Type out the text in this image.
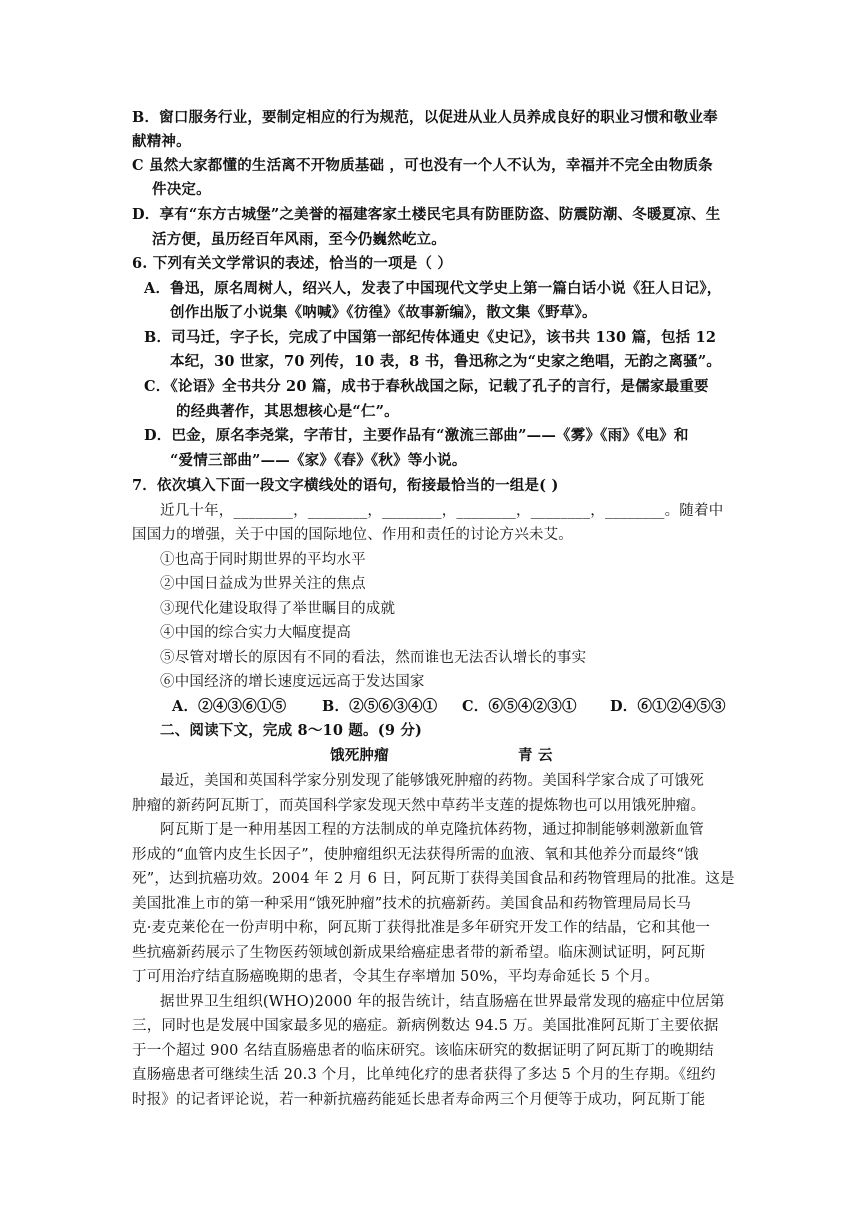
B．窗口服务行业，要制定相应的行为规范，以促进从业人员养成良好的职业习惯和敬业奉
献精神。
C 虽然大家都懂的生活离不开物质基础 ，可也没有一个人不认为，幸福并不完全由物质条
件决定。
D．享有“东方古城堡”之美誉的福建客家土楼民宅具有防匪防盗、防震防潮、冬暖夏凉、生
活方便，虽历经百年风雨，至今仍巍然屹立。
6. 下列有关文学常识的表述，恰当的一项是（ ）
A．鲁迅，原名周树人，绍兴人，发表了中国现代文学史上第一篇白话小说《狂人日记》，
创作出版了小说集《呐喊》《彷徨》《故事新编》，散文集《野草》。
B．司马迁，字子长，完成了中国第一部纪传体通史《史记》，该书共 130 篇，包括 12
本纪，30 世家，70 列传，10 表，8 书，鲁迅称之为“史家之绝唱，无韵之离骚”。
C．《论语》全书共分 20 篇，成书于春秋战国之际，记载了孔子的言行，是儒家最重要
的经典著作，其思想核心是“仁”。
D．巴金，原名李尧棠，字芾甘，主要作品有“激流三部曲”——《雾》《雨》《电》和
“爱情三部曲”——《家》《春》《秋》等小说。
7．依次填入下面一段文字横线处的语句，衔接最恰当的一组是( )
近几十年，________，________，________，________，________，________。随着中
国国力的增强，关于中国的国际地位、作用和责任的讨论方兴未艾。
①也高于同时期世界的平均水平
②中国日益成为世界关注的焦点
③现代化建设取得了举世瞩目的成就
④中国的综合实力大幅度提高
⑤尽管对增长的原因有不同的看法，然而谁也无法否认增长的事实
⑥中国经济的增长速度远远高于发达国家
A．②④③⑥①⑤ B．②⑤⑥③④① C．⑥⑤④②③① D．⑥①②④⑤③
二、阅读下文，完成 8～10 题。(9 分)
饿死肿瘤	青 云
最近，美国和英国科学家分别发现了能够饿死肿瘤的药物。美国科学家合成了可饿死
肿瘤的新药阿瓦斯丁，而英国科学家发现天然中草药半支莲的提炼物也可以用饿死肿瘤。
阿瓦斯丁是一种用基因工程的方法制成的单克隆抗体药物，通过抑制能够刺激新血管
形成的“血管内皮生长因子”，使肿瘤组织无法获得所需的血液、氧和其他养分而最终“饿
死”，达到抗癌功效。2004 年 2 月 6 日，阿瓦斯丁获得美国食品和药物管理局的批准。这是
美国批准上市的第一种采用“饿死肿瘤”技术的抗癌新药。美国食品和药物管理局局长马
克·麦克莱伦在一份声明中称，阿瓦斯丁获得批准是多年研究开发工作的结晶，它和其他一
些抗癌新药展示了生物医药领域创新成果给癌症患者带的新希望。临床测试证明，阿瓦斯
丁可用治疗结直肠癌晚期的患者，令其生存率增加 50%，平均寿命延长 5 个月。
据世界卫生组织(WHO)2000 年的报告统计，结直肠癌在世界最常发现的癌症中位居第
三，同时也是发展中国家最多见的癌症。新病例数达 94.5 万。美国批准阿瓦斯丁主要依据
于一个超过 900 名结直肠癌患者的临床研究。该临床研究的数据证明了阿瓦斯丁的晚期结
直肠癌患者可继续生活 20.3 个月，比单纯化疗的患者获得了多达 5 个月的生存期。《纽约
时报》的记者评论说，若一种新抗癌药能延长患者寿命两三个月便等于成功，阿瓦斯丁能
